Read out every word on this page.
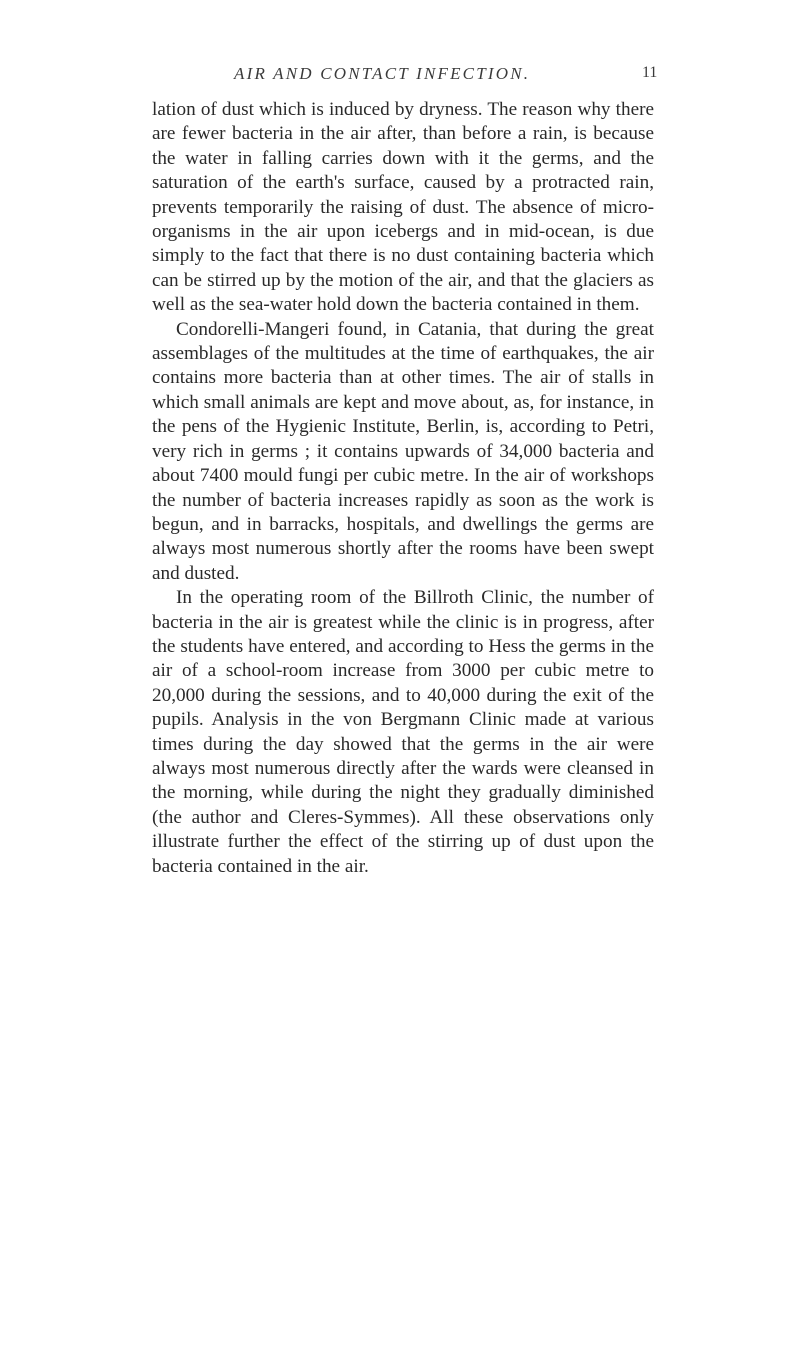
AIR AND CONTACT INFECTION.	11

lation of dust which is induced by dryness. The reason why there are fewer bacteria in the air after, than before a rain, is because the water in falling carries down with it the germs, and the saturation of the earth's surface, caused by a protracted rain, prevents temporarily the raising of dust. The absence of micro-organisms in the air upon icebergs and in mid-ocean, is due simply to the fact that there is no dust containing bacteria which can be stirred up by the motion of the air, and that the glaciers as well as the sea-water hold down the bacteria contained in them.

Condorelli-Mangeri found, in Catania, that during the great assemblages of the multitudes at the time of earthquakes, the air contains more bacteria than at other times. The air of stalls in which small animals are kept and move about, as, for instance, in the pens of the Hygienic Institute, Berlin, is, according to Petri, very rich in germs ; it contains upwards of 34,000 bacteria and about 7400 mould fungi per cubic metre. In the air of workshops the number of bacteria increases rapidly as soon as the work is begun, and in barracks, hospitals, and dwellings the germs are always most numerous shortly after the rooms have been swept and dusted.

In the operating room of the Billroth Clinic, the number of bacteria in the air is greatest while the clinic is in progress, after the students have entered, and according to Hess the germs in the air of a school-room increase from 3000 per cubic metre to 20,000 during the sessions, and to 40,000 during the exit of the pupils. Analysis in the von Bergmann Clinic made at various times during the day showed that the germs in the air were always most numerous directly after the wards were cleansed in the morning, while during the night they gradually diminished (the author and Cleres-Symmes). All these observations only illustrate further the effect of the stirring up of dust upon the bacteria contained in the air.
